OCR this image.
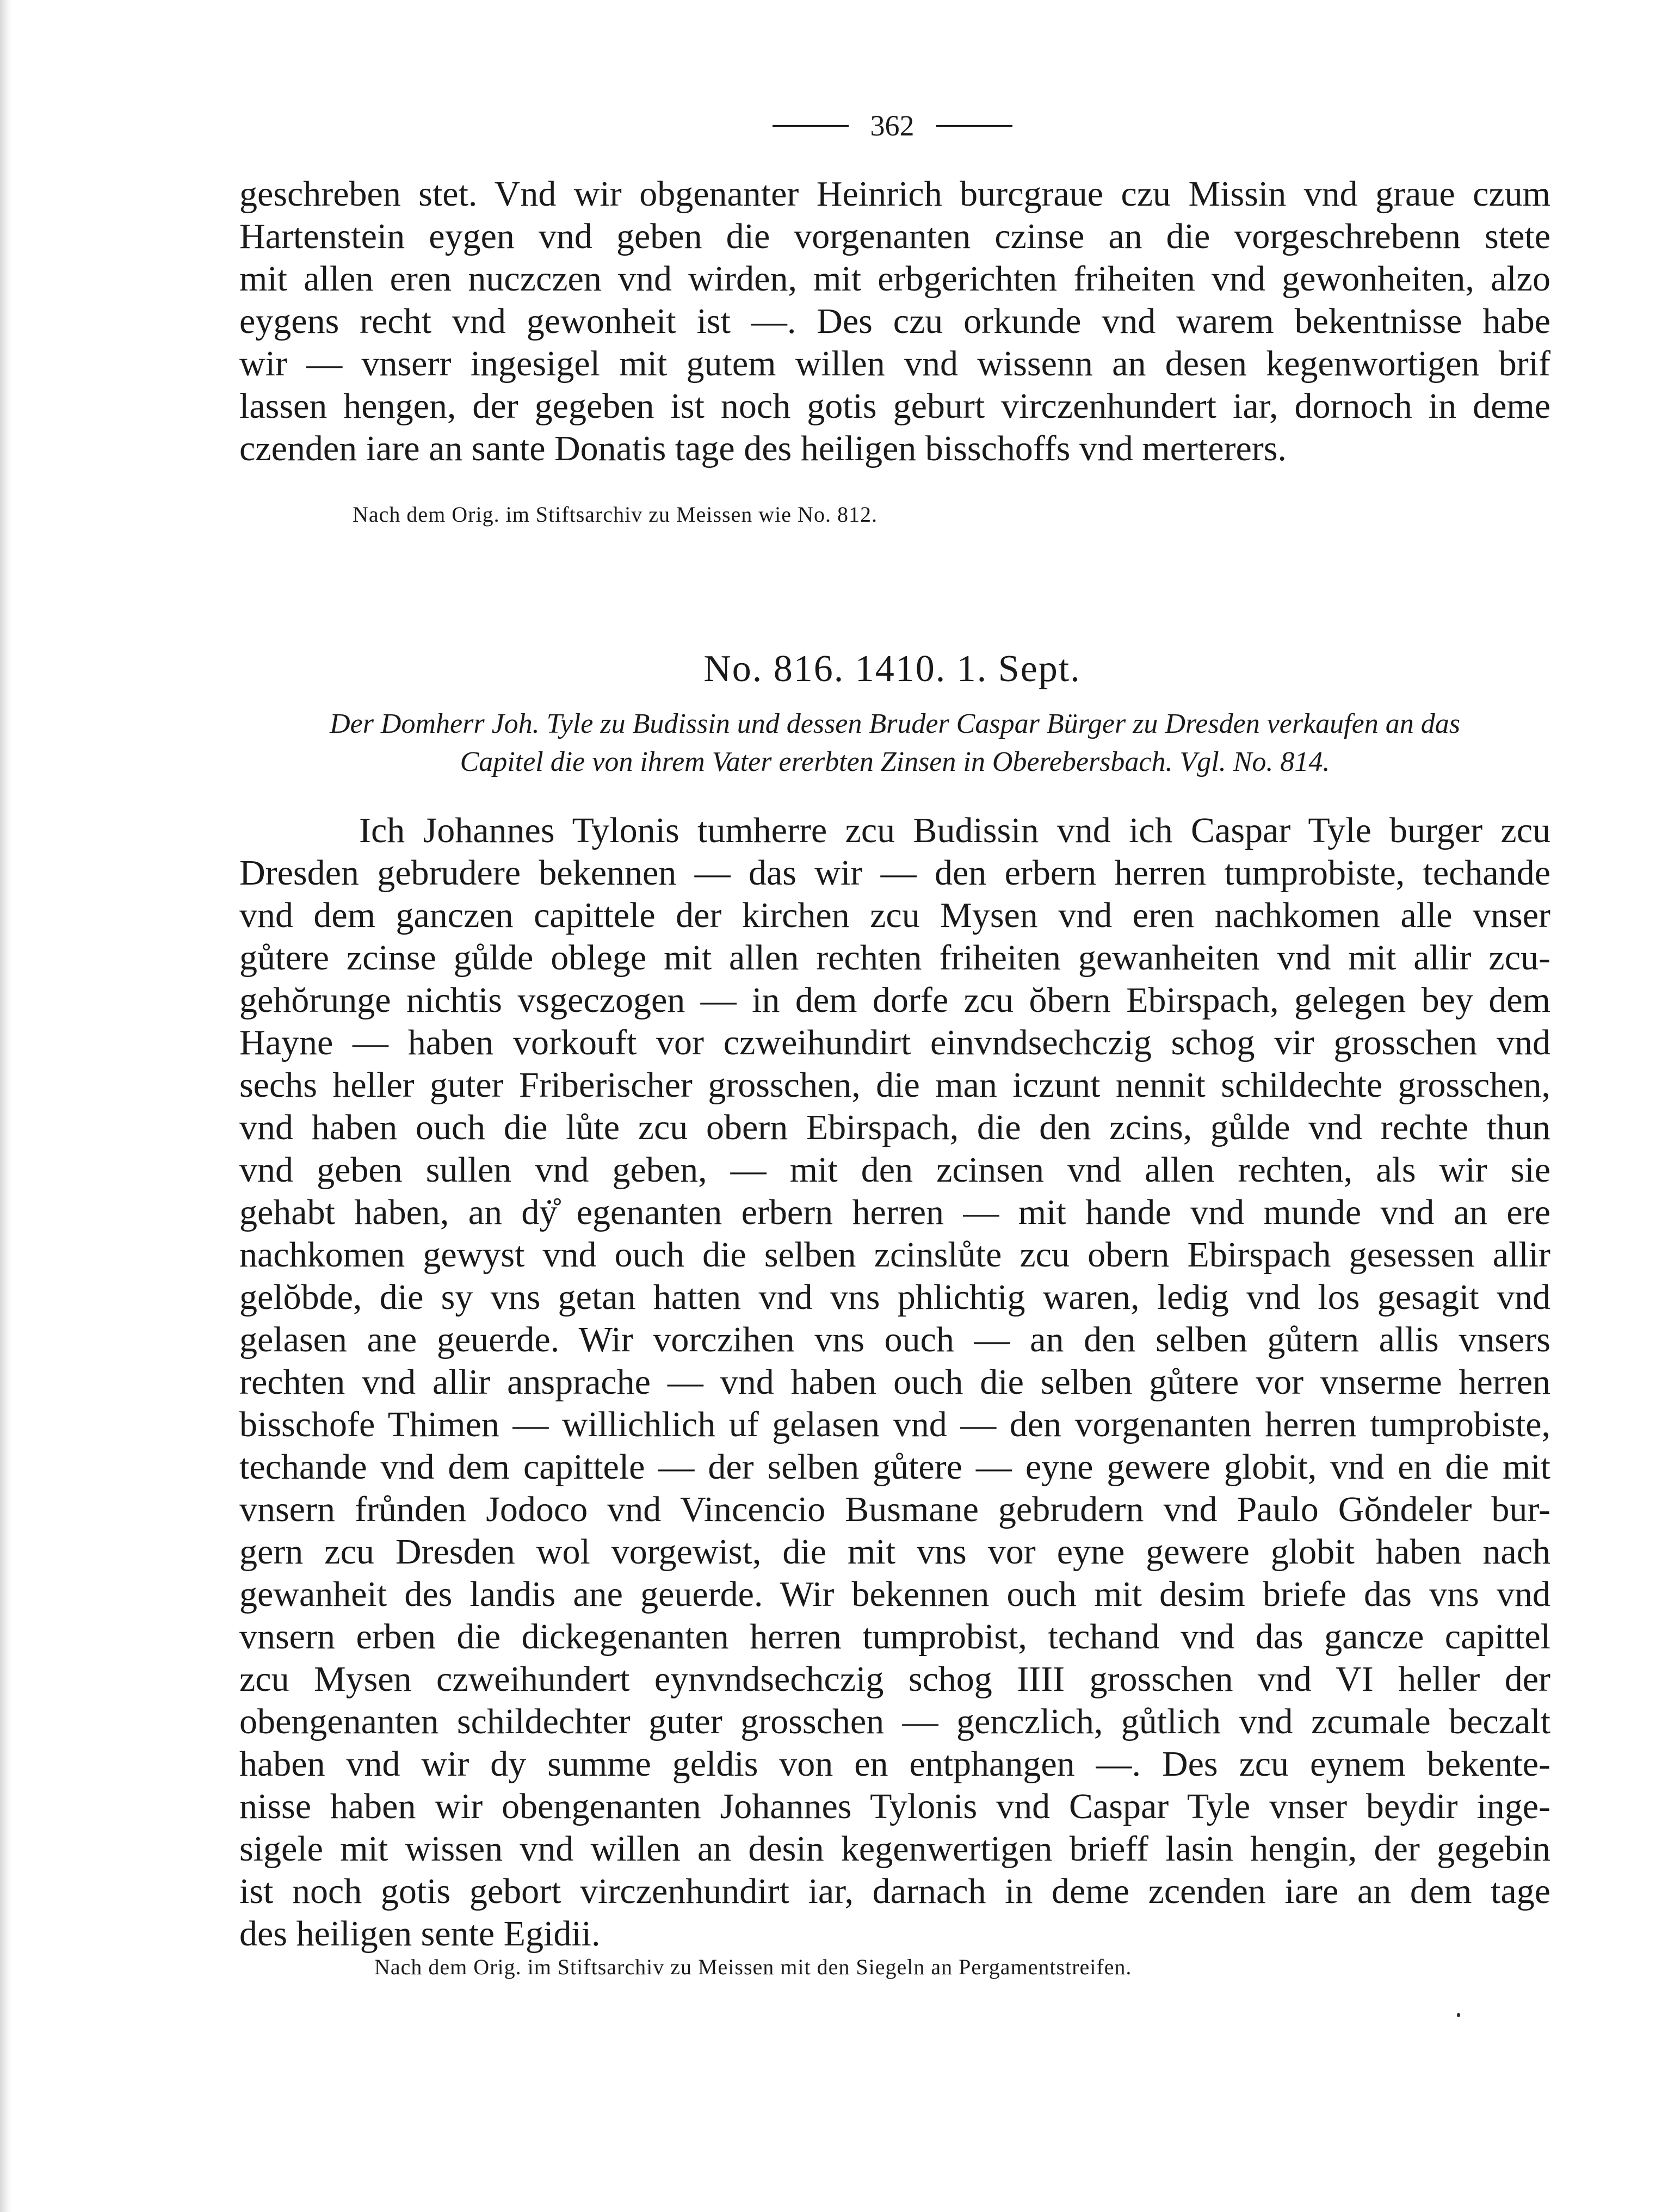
362
geschreben stet. Vnd wir obgenanter Heinrich burcgraue czu Missin vnd graue czum
Hartenstein eygen vnd geben die vorgenanten czinse an die vorgeschrebenn stete
mit allen eren nuczczen vnd wirden, mit erbgerichten friheiten vnd gewonheiten, alzo
eygens recht vnd gewonheit ist —. Des czu orkunde vnd warem bekentnisse habe
wir — vnserr ingesigel mit gutem willen vnd wissenn an desen kegenwortigen brif
lassen hengen, der gegeben ist noch gotis geburt virczenhundert iar, dornoch in deme
czenden iare an sante Donatis tage des heiligen bisschoffs vnd merterers.
Nach dem Orig. im Stiftsarchiv zu Meissen wie No. 812.
No. 816. 1410. 1. Sept.
Der Domherr Joh. Tyle zu Budissin und dessen Bruder Caspar Bürger zu Dresden verkaufen an das
Capitel die von ihrem Vater ererbten Zinsen in Oberebersbach. Vgl. No. 814.
Ich Johannes Tylonis tumherre zcu Budissin vnd ich Caspar Tyle burger zcu
Dresden gebrudere bekennen — das wir — den erbern herren tumprobiste, techande
vnd dem ganczen capittele der kirchen zcu Mysen vnd eren nachkomen alle vnser
gůtere zcinse gůlde oblege mit allen rechten friheiten gewanheiten vnd mit allir zcu-
gehŏrunge nichtis vsgeczogen — in dem dorfe zcu ŏbern Ebirspach, gelegen bey dem
Hayne — haben vorkouft vor czweihundirt einvndsechczig schog vir grosschen vnd
sechs heller guter Friberischer grosschen, die man iczunt nennit schildechte grosschen,
vnd haben ouch die lůte zcu obern Ebirspach, die den zcins, gůlde vnd rechte thun
vnd geben sullen vnd geben, — mit den zcinsen vnd allen rechten, als wir sie
gehabt haben, an dẏ̊ egenanten erbern herren — mit hande vnd munde vnd an ere
nachkomen gewyst vnd ouch die selben zcinslůte zcu obern Ebirspach gesessen allir
gelŏbde, die sy vns getan hatten vnd vns phlichtig waren, ledig vnd los gesagit vnd
gelasen ane geuerde. Wir vorczihen vns ouch — an den selben gůtern allis vnsers
rechten vnd allir ansprache — vnd haben ouch die selben gůtere vor vnserme herren
bisschofe Thimen — willichlich uf gelasen vnd — den vorgenanten herren tumprobiste,
techande vnd dem capittele — der selben gůtere — eyne gewere globit, vnd en die mit
vnsern frůnden Jodoco vnd Vincencio Busmane gebrudern vnd Paulo Gŏndeler bur-
gern zcu Dresden wol vorgewist, die mit vns vor eyne gewere globit haben nach
gewanheit des landis ane geuerde. Wir bekennen ouch mit desim briefe das vns vnd
vnsern erben die dickegenanten herren tumprobist, techand vnd das gancze capittel
zcu Mysen czweihundert eynvndsechczig schog IIII grosschen vnd VI heller der
obengenanten schildechter guter grosschen — genczlich, gůtlich vnd zcumale beczalt
haben vnd wir dy summe geldis von en entphangen —. Des zcu eynem bekente-
nisse haben wir obengenanten Johannes Tylonis vnd Caspar Tyle vnser beydir inge-
sigele mit wissen vnd willen an desin kegenwertigen brieff lasin hengin, der gegebin
ist noch gotis gebort virczenhundirt iar, darnach in deme zcenden iare an dem tage
des heiligen sente Egidii.
Nach dem Orig. im Stiftsarchiv zu Meissen mit den Siegeln an Pergamentstreifen.
